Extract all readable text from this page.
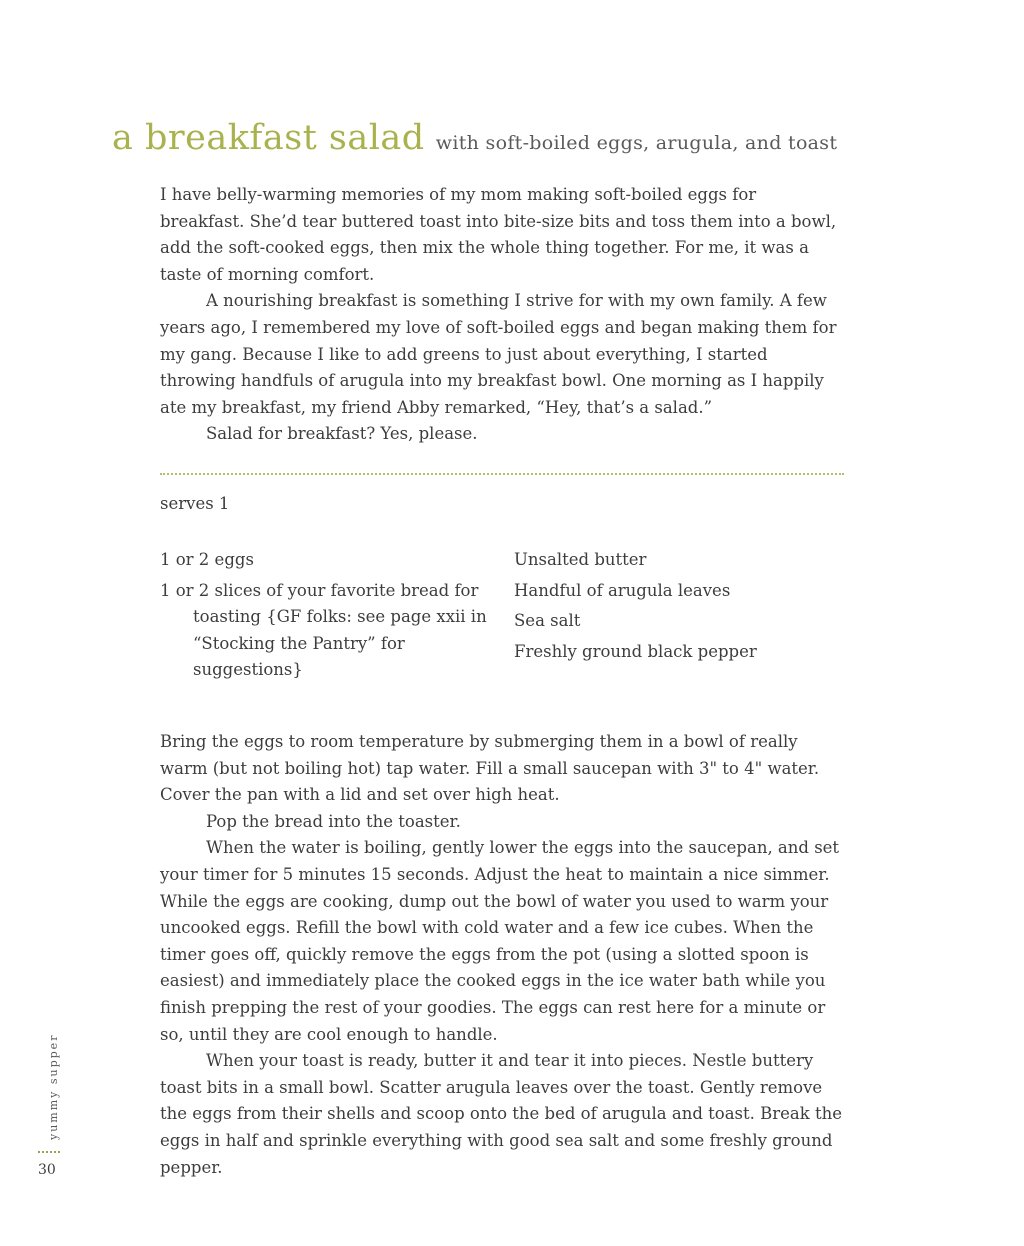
a breakfast salad with soft-boiled eggs, arugula, and toast

I have belly-warming memories of my mom making soft-boiled eggs for breakfast. She’d tear buttered toast into bite-size bits and toss them into a bowl, add the soft-cooked eggs, then mix the whole thing together. For me, it was a taste of morning comfort.

A nourishing breakfast is something I strive for with my own family. A few years ago, I remembered my love of soft-boiled eggs and began making them for my gang. Because I like to add greens to just about everything, I started throwing handfuls of arugula into my breakfast bowl. One morning as I happily ate my breakfast, my friend Abby remarked, “Hey, that’s a salad.”

Salad for breakfast? Yes, please.

serves 1
1 or 2 eggs
1 or 2 slices of your favorite bread for toasting {GF folks: see page xxii in “Stocking the Pantry” for suggestions}
Unsalted butter
Handful of arugula leaves
Sea salt
Freshly ground black pepper

Bring the eggs to room temperature by submerging them in a bowl of really warm (but not boiling hot) tap water. Fill a small saucepan with 3" to 4" water. Cover the pan with a lid and set over high heat.

Pop the bread into the toaster.

When the water is boiling, gently lower the eggs into the saucepan, and set your timer for 5 minutes 15 seconds. Adjust the heat to maintain a nice simmer. While the eggs are cooking, dump out the bowl of water you used to warm your uncooked eggs. Refill the bowl with cold water and a few ice cubes. When the timer goes off, quickly remove the eggs from the pot (using a slotted spoon is easiest) and immediately place the cooked eggs in the ice water bath while you finish prepping the rest of your goodies. The eggs can rest here for a minute or so, until they are cool enough to handle.

When your toast is ready, butter it and tear it into pieces. Nestle buttery toast bits in a small bowl. Scatter arugula leaves over the toast. Gently remove the eggs from their shells and scoop onto the bed of arugula and toast. Break the eggs in half and sprinkle everything with good sea salt and some freshly ground pepper.

yummy supper
30
